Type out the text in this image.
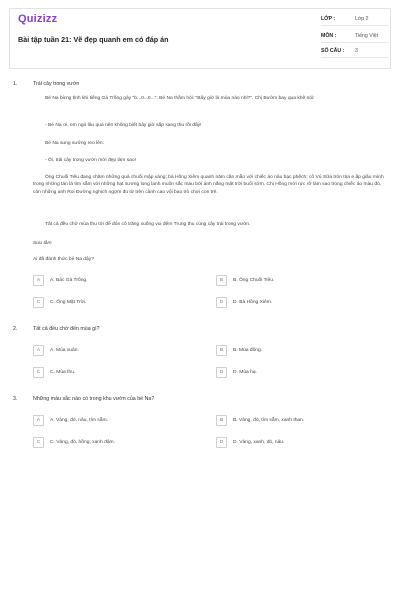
Quizizz
Bài tập tuần 21: Vẽ đẹp quanh em có đáp án
LỚP :	Lớp 2
MÔN :	Tiếng Việt
SỐ CÂU :	3
1.	Trái cây trong vườn
Bé Na bừng tỉnh khi tiếng Gà Trống gáy "b...0...0...". Bé Na thầm hỏi: "Bây giờ là mùa nào nhỉ?". Chị Bướm bay qua khẽ nói:
- Bé Na ơi, em ngủ lâu quá nên không biết bây giờ sắp sang thu rồi đấy!
Bé Na sung sướng reo lên:
- Ôi, trái cây trong vườn mới đẹp làm sao!
Ông Chuối Tiêu đang chăm những quả chuối mập vàng; bà Hồng Xiêm quanh năm cần mẫn với chiếc áo nâu bạc phếch; cô Vú Sữa tròn trịa e ấp giấu mình trong những tán lá tím sẫm với những hạt sương long lanh muôn sắc màu bởi ánh nắng mặt trời buổi sớm. Chị Hồng mới rực rỡ làm sao trong chiếc áo màu đỏ, còn những anh Roi Đường nghịch ngợm đu từ trên cành cao vội bao trò chơi con trẻ.
Tất cả đều chờ mùa thu tới để đón cô trăng xuống vui đêm Trung thu cùng cây trái trong vườn.
Sưu tầm
Ai đã đánh thức bé Na dậy?
A	A. Bác Gà Trống.	B	B. Ông Chuối Tiêu.
C	C. Ông Mặt Trời.	D	D. Bà Hồng Xiêm.
2.	Tất cả đều chờ đến mùa gì?
A	A. Mùa xuân.	B	B. Mùa đông.
C	C. Mùa thu.	D	D. Mùa hạ.
3.	Những màu sắc nào có trong khu vườn của bé Na?
A	A. Vàng, đỏ, nâu, tím sẫm.	B	B. Vàng, đỏ, tím sẫm, xanh than.
C	C. Vàng, đỏ, hồng, xanh đậm.	D	D. Vàng, xanh, đỏ, nâu.
